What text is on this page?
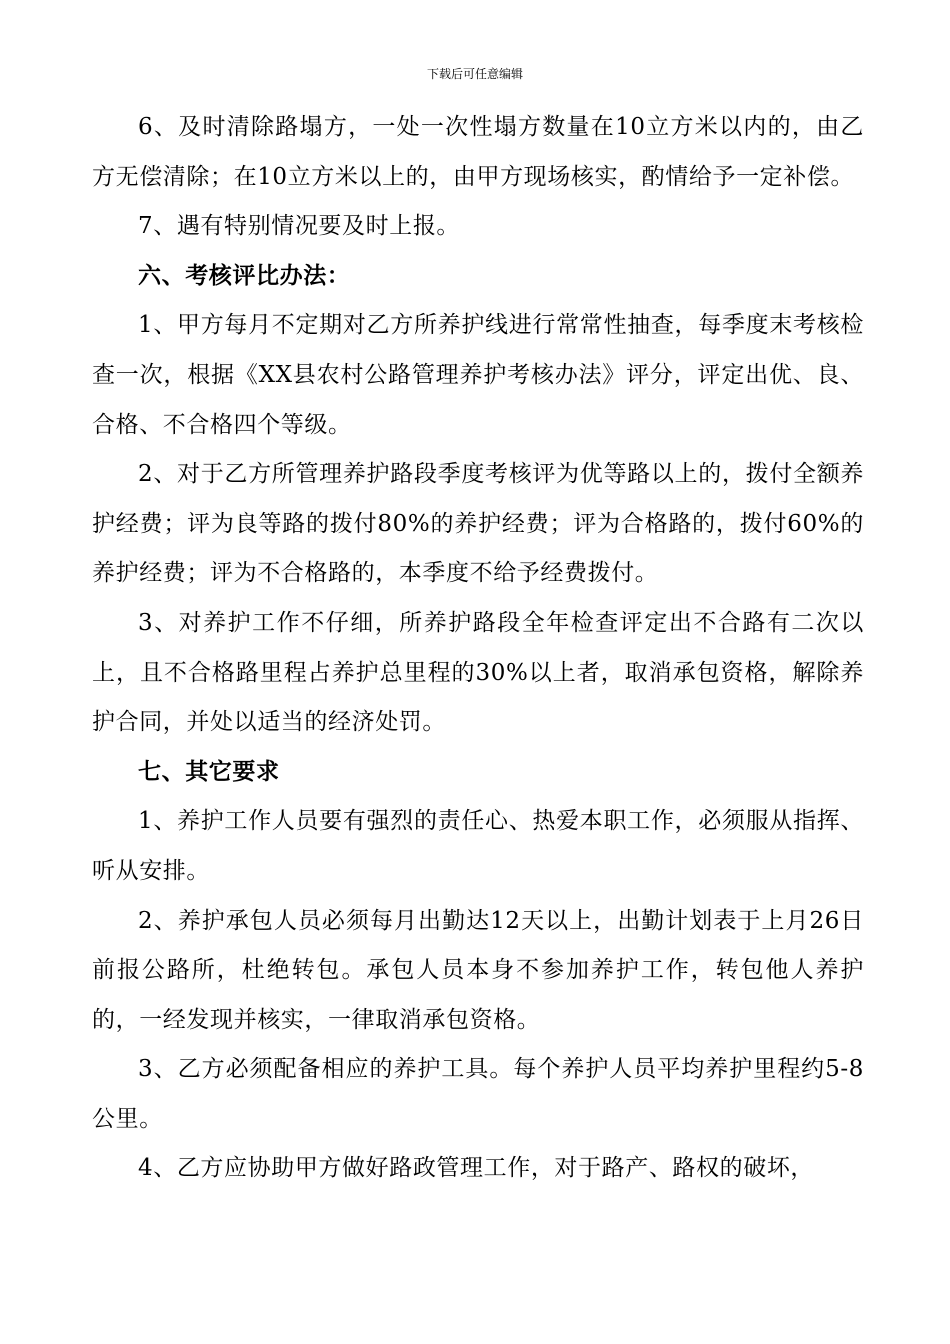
下载后可任意编辑

6、及时清除路塌方，一处一次性塌方数量在10立方米以内的，由乙方无偿清除；在10立方米以上的，由甲方现场核实，酌情给予一定补偿。

7、遇有特别情况要及时上报。

六、考核评比办法：

1、甲方每月不定期对乙方所养护线进行常常性抽查，每季度末考核检查一次，根据《XX县农村公路管理养护考核办法》评分，评定出优、良、合格、不合格四个等级。

2、对于乙方所管理养护路段季度考核评为优等路以上的，拨付全额养护经费；评为良等路的拨付80%的养护经费；评为合格路的，拨付60%的养护经费；评为不合格路的，本季度不给予经费拨付。

3、对养护工作不仔细，所养护路段全年检查评定出不合路有二次以上，且不合格路里程占养护总里程的30%以上者，取消承包资格，解除养护合同，并处以适当的经济处罚。

七、其它要求

1、养护工作人员要有强烈的责任心、热爱本职工作，必须服从指挥、听从安排。

2、养护承包人员必须每月出勤达12天以上，出勤计划表于上月26日前报公路所，杜绝转包。承包人员本身不参加养护工作，转包他人养护的，一经发现并核实，一律取消承包资格。

3、乙方必须配备相应的养护工具。每个养护人员平均养护里程约5-8公里。

4、乙方应协助甲方做好路政管理工作，对于路产、路权的破坏，
